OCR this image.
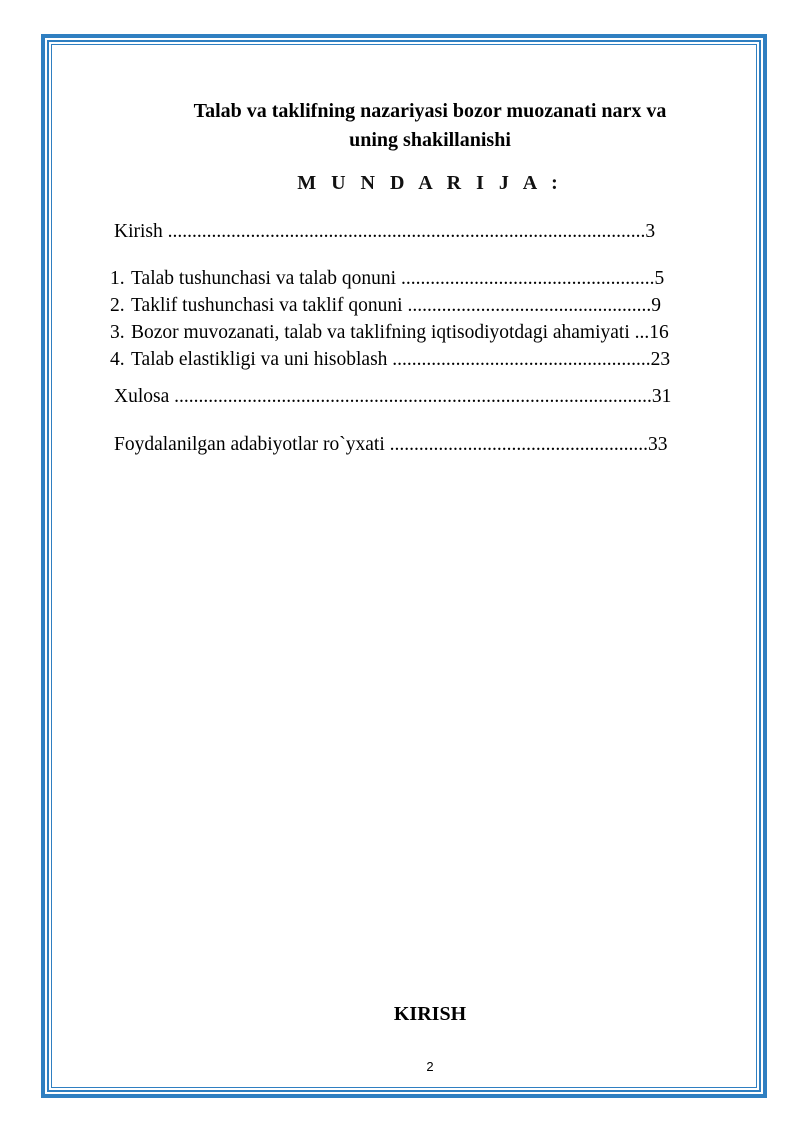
Talab va taklifning nazariyasi bozor muozanati narx va
uning shakillanishi
M U N D A R I J A :
Kirish ..................................................................................................3
1. Talab tushunchasi va talab qonuni ....................................................5
2. Taklif tushunchasi va taklif qonuni ..................................................9
3. Bozor muvozanati, talab va taklifning iqtisodiyotdagi ahamiyati ...16
4. Talab elastikligi va uni hisoblash .....................................................23
Xulosa ..................................................................................................31
Foydalanilgan adabiyotlar ro`yxati .....................................................33
KIRISH
2
